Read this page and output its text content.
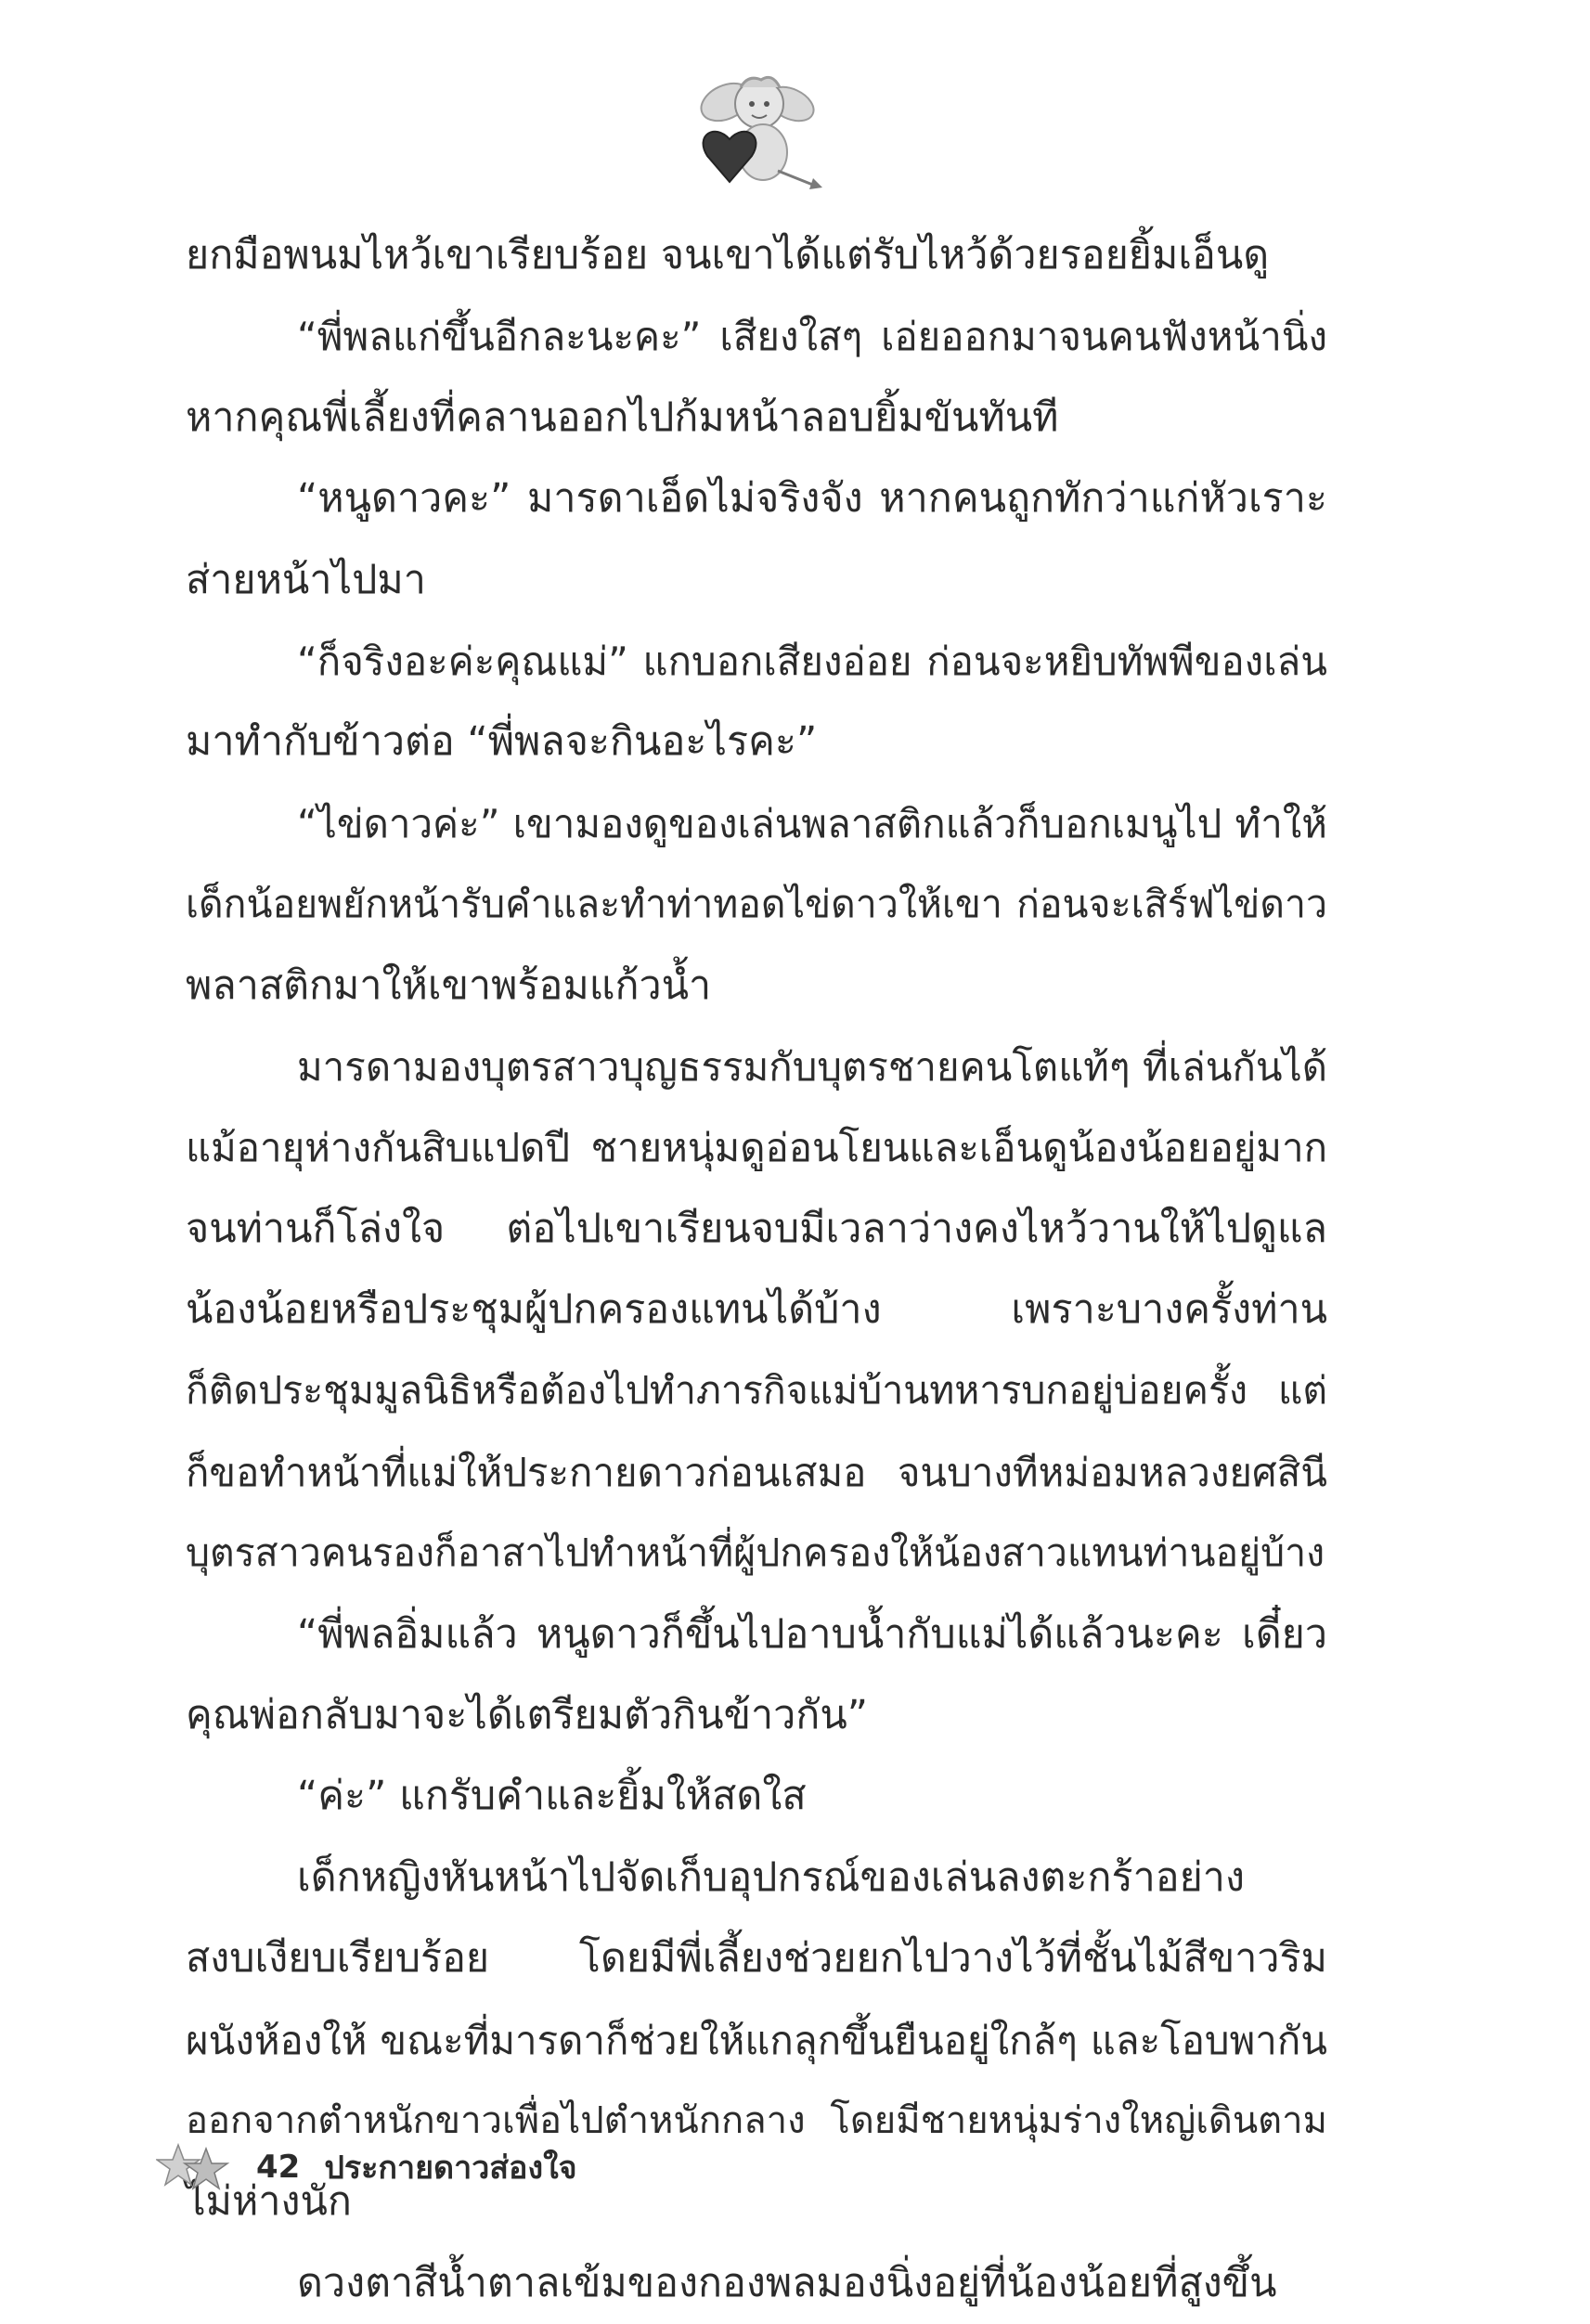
ยกมือพนมไหว้เขาเรียบร้อย จนเขาได้แต่รับไหว้ด้วยรอยยิ้มเอ็นดู
“พี่พลแก่ขึ้นอีกละนะคะ” เสียงใสๆ เอ่ยออกมาจนคนฟังหน้านิ่ง
หากคุณพี่เลี้ยงที่คลานออกไปก้มหน้าลอบยิ้มขันทันที
“หนูดาวคะ” มารดาเอ็ดไม่จริงจัง หากคนถูกทักว่าแก่หัวเราะ
ส่ายหน้าไปมา
“ก็จริงอะค่ะคุณแม่” แกบอกเสียงอ่อย ก่อนจะหยิบทัพพีของเล่น
มาทำกับข้าวต่อ “พี่พลจะกินอะไรคะ”
“ไข่ดาวค่ะ” เขามองดูของเล่นพลาสติกแล้วก็บอกเมนูไป ทำให้
เด็กน้อยพยักหน้ารับคำและทำท่าทอดไข่ดาวให้เขา ก่อนจะเสิร์ฟไข่ดาว
พลาสติกมาให้เขาพร้อมแก้วน้ำ
มารดามองบุตรสาวบุญธรรมกับบุตรชายคนโตแท้ๆ ที่เล่นกันได้
แม้อายุห่างกันสิบแปดปี ชายหนุ่มดูอ่อนโยนและเอ็นดูน้องน้อยอยู่มาก
จนท่านก็โล่งใจ ต่อไปเขาเรียนจบมีเวลาว่างคงไหว้วานให้ไปดูแล
น้องน้อยหรือประชุมผู้ปกครองแทนได้บ้าง เพราะบางครั้งท่าน
ก็ติดประชุมมูลนิธิหรือต้องไปทำภารกิจแม่บ้านทหารบกอยู่บ่อยครั้ง แต่
ก็ขอทำหน้าที่แม่ให้ประกายดาวก่อนเสมอ จนบางทีหม่อมหลวงยศสินี
บุตรสาวคนรองก็อาสาไปทำหน้าที่ผู้ปกครองให้น้องสาวแทนท่านอยู่บ้าง
“พี่พลอิ่มแล้ว หนูดาวก็ขึ้นไปอาบน้ำกับแม่ได้แล้วนะคะ เดี๋ยว
คุณพ่อกลับมาจะได้เตรียมตัวกินข้าวกัน”
“ค่ะ” แกรับคำและยิ้มให้สดใส
เด็กหญิงหันหน้าไปจัดเก็บอุปกรณ์ของเล่นลงตะกร้าอย่าง
สงบเงียบเรียบร้อย โดยมีพี่เลี้ยงช่วยยกไปวางไว้ที่ชั้นไม้สีขาวริม
ผนังห้องให้ ขณะที่มารดาก็ช่วยให้แกลุกขึ้นยืนอยู่ใกล้ๆ และโอบพากัน
ออกจากตำหนักขาวเพื่อไปตำหนักกลาง โดยมีชายหนุ่มร่างใหญ่เดินตาม
ไม่ห่างนัก
ดวงตาสีน้ำตาลเข้มของกองพลมองนิ่งอยู่ที่น้องน้อยที่สูงขึ้น
42 ประกายดาวส่องใจ
